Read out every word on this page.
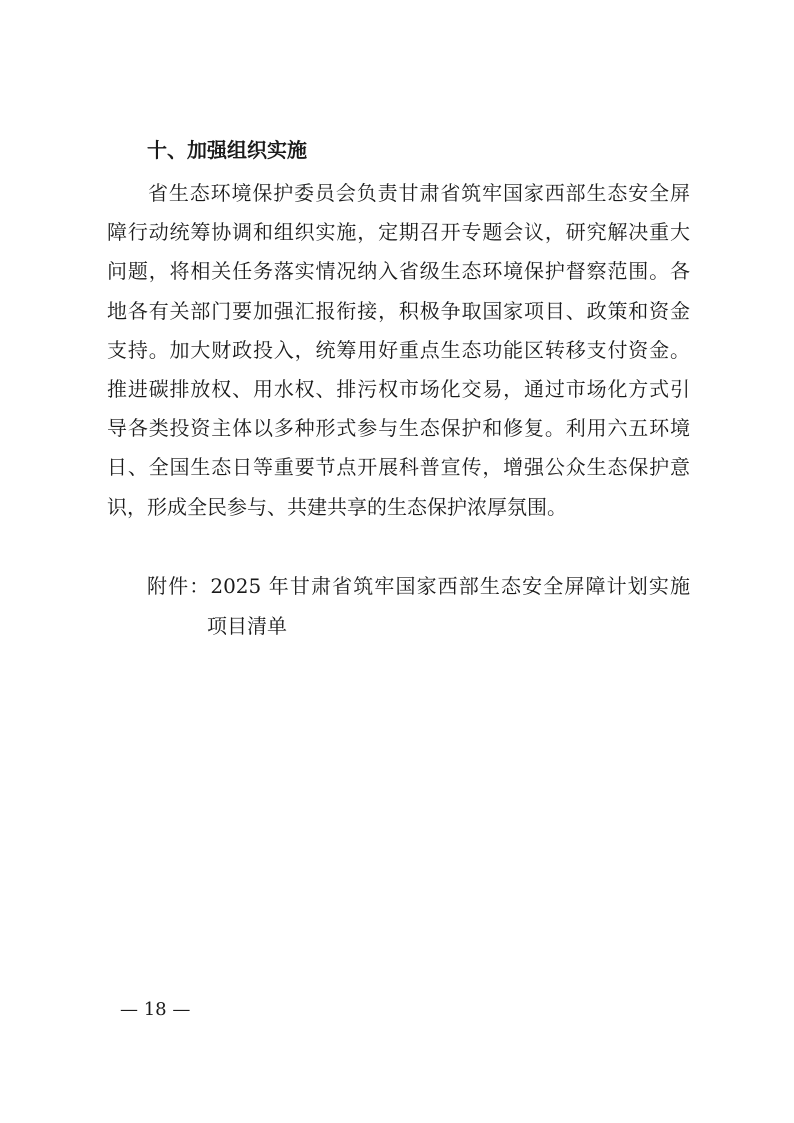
十、加强组织实施
省生态环境保护委员会负责甘肃省筑牢国家西部生态安全屏
障行动统筹协调和组织实施，定期召开专题会议，研究解决重大
问题，将相关任务落实情况纳入省级生态环境保护督察范围。各
地各有关部门要加强汇报衔接，积极争取国家项目、政策和资金
支持。加大财政投入，统筹用好重点生态功能区转移支付资金。
推进碳排放权、用水权、排污权市场化交易，通过市场化方式引
导各类投资主体以多种形式参与生态保护和修复。利用六五环境
日、全国生态日等重要节点开展科普宣传，增强公众生态保护意
识，形成全民参与、共建共享的生态保护浓厚氛围。
附件：2025 年甘肃省筑牢国家西部生态安全屏障计划实施
项目清单
— 18 —
